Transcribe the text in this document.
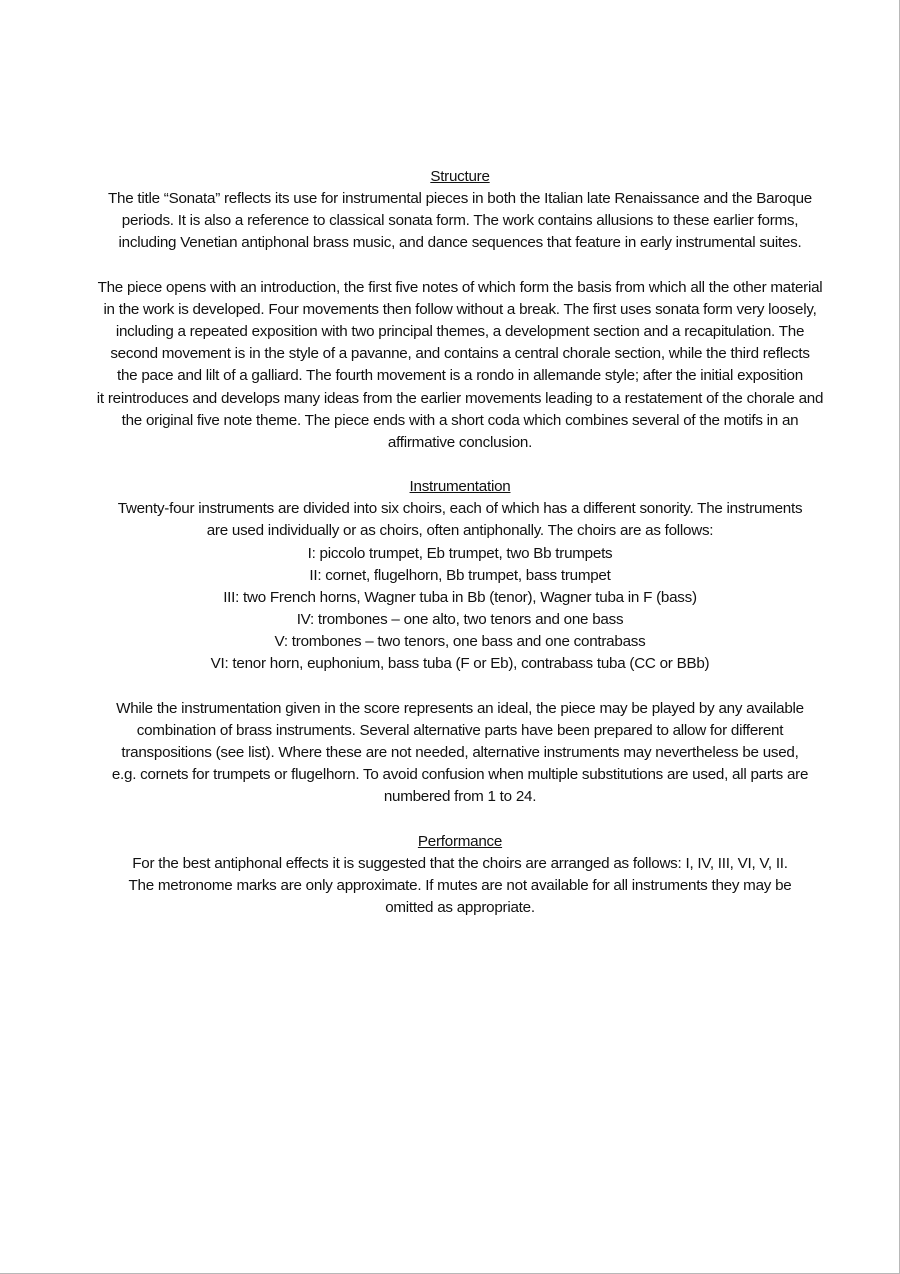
Structure

The title “Sonata” reflects its use for instrumental pieces in both the Italian late Renaissance and the Baroque
periods. It is also a reference to classical sonata form. The work contains allusions to these earlier forms,
including Venetian antiphonal brass music, and dance sequences that feature in early instrumental suites.

The piece opens with an introduction, the first five notes of which form the basis from which all the other material
in the work is developed. Four movements then follow without a break. The first uses sonata form very loosely,
including a repeated exposition with two principal themes, a development section and a recapitulation. The
second movement is in the style of a pavanne, and contains a central chorale section, while the third reflects
the pace and lilt of a galliard. The fourth movement is a rondo in allemande style; after the initial exposition
it reintroduces and develops many ideas from the earlier movements leading to a restatement of the chorale and
the original five note theme. The piece ends with a short coda which combines several of the motifs in an
affirmative conclusion.

Instrumentation

Twenty-four instruments are divided into six choirs, each of which has a different sonority. The instruments
are used individually or as choirs, often antiphonally. The choirs are as follows:

I: piccolo trumpet, Eb trumpet, two Bb trumpets
II: cornet, flugelhorn, Bb trumpet, bass trumpet
III: two French horns, Wagner tuba in Bb (tenor), Wagner tuba in F (bass)
IV: trombones – one alto, two tenors and one bass
V: trombones – two tenors, one bass and one contrabass
VI: tenor horn, euphonium, bass tuba (F or Eb), contrabass tuba (CC or BBb)

While the instrumentation given in the score represents an ideal, the piece may be played by any available
combination of brass instruments. Several alternative parts have been prepared to allow for different
transpositions (see list). Where these are not needed, alternative instruments may nevertheless be used,
e.g. cornets for trumpets or flugelhorn. To avoid confusion when multiple substitutions are used, all parts are
numbered from 1 to 24.

Performance

For the best antiphonal effects it is suggested that the choirs are arranged as follows: I, IV, III, VI, V, II.
The metronome marks are only approximate. If mutes are not available for all instruments they may be
omitted as appropriate.
